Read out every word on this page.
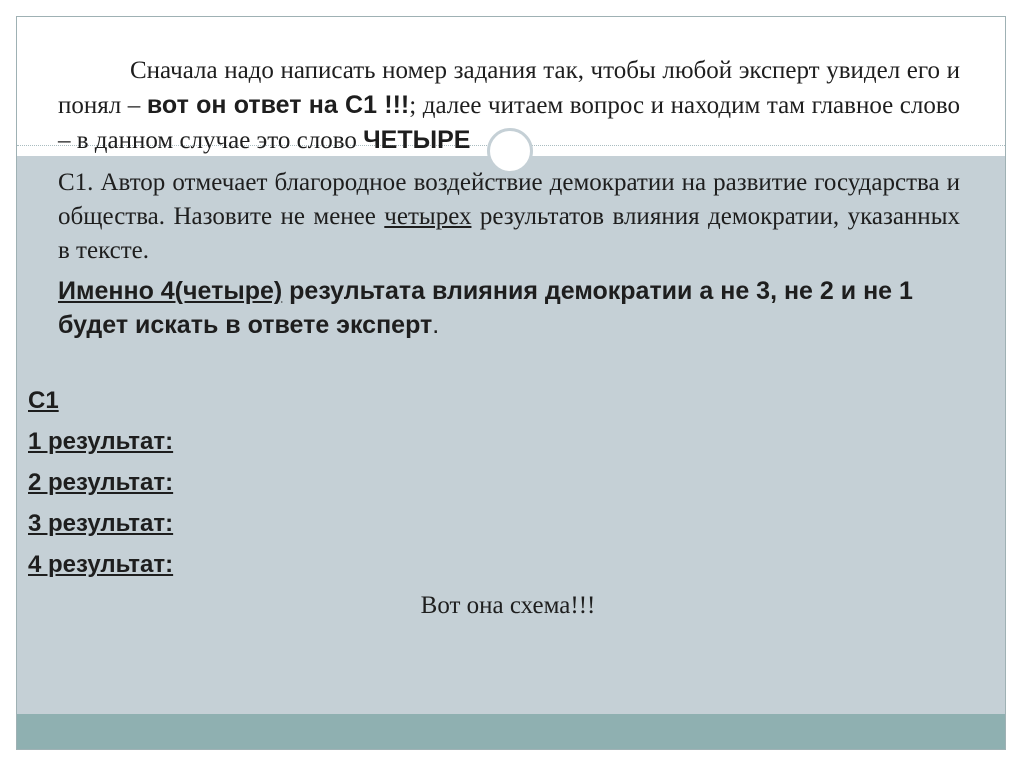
Сначала надо написать номер задания так, чтобы любой эксперт увидел его и понял – вот он ответ на С1 !!!; далее читаем вопрос и находим там главное слово – в данном случае это слово ЧЕТЫРЕ

С1. Автор отмечает благородное воздействие демократии на развитие государства и общества. Назовите не менее четырех результатов влияния демократии, указанных в тексте.

Именно 4(четыре) результата влияния демократии а не 3, не 2 и не 1 будет искать в ответе эксперт.

С1

1 результат:

2 результат:

3 результат:

4 результат:

Вот она схема!!!
